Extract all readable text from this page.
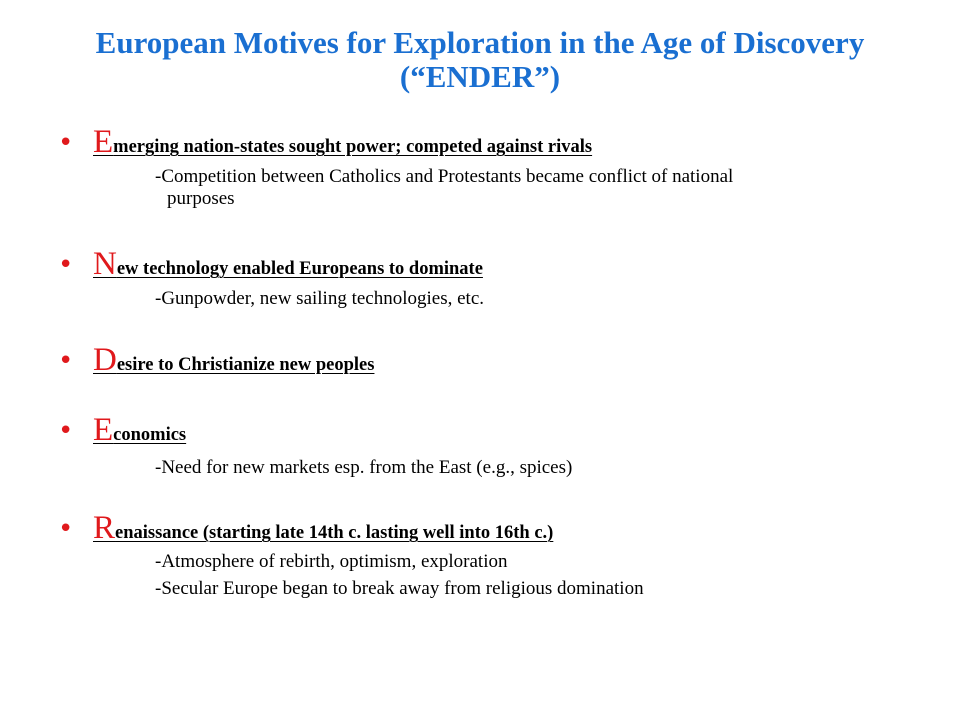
European Motives for Exploration in the Age of Discovery
(“ENDER”)
• Emerging nation-states sought power; competed against rivals
-Competition between Catholics and Protestants became conflict of national
purposes
• New technology enabled Europeans to dominate
-Gunpowder, new sailing technologies, etc.
• Desire to Christianize new peoples
• Economics
-Need for new markets esp. from the East (e.g., spices)
• Renaissance (starting late 14th c. lasting well into 16th c.)
-Atmosphere of rebirth, optimism, exploration
-Secular Europe began to break away from religious domination
